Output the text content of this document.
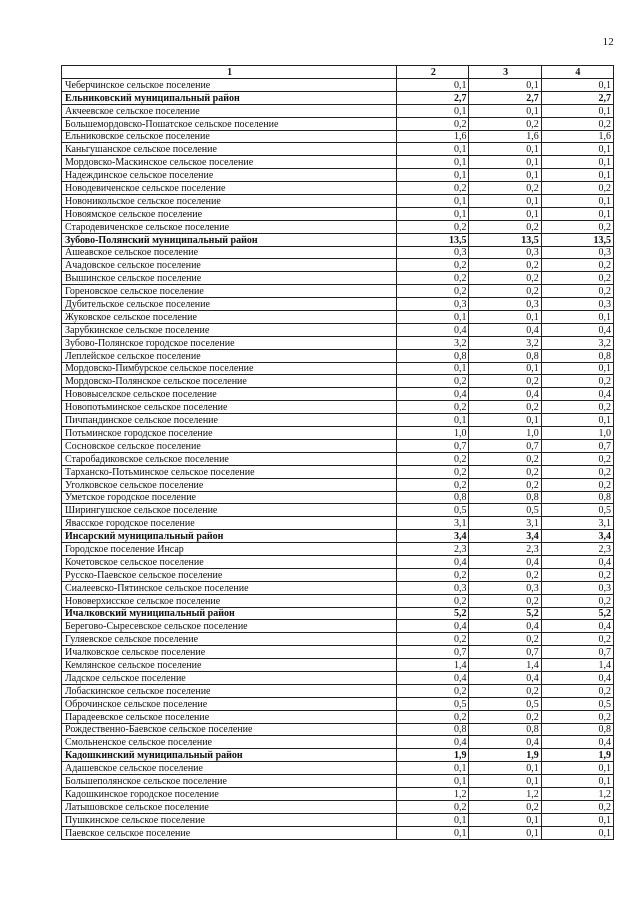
12
1	2	3	4
Чеберчинское сельское поселение	0,1	0,1	0,1
Ельниковский муниципальный район	2,7	2,7	2,7
Акчеевское сельское поселение	0,1	0,1	0,1
Большемордовско-Пошатское сельское поселение	0,2	0,2	0,2
Ельниковское сельское поселение	1,6	1,6	1,6
Каньгушанское сельское поселение	0,1	0,1	0,1
Мордовско-Маскинское сельское поселение	0,1	0,1	0,1
Надеждинское сельское поселение	0,1	0,1	0,1
Новодевиченское сельское поселение	0,2	0,2	0,2
Новоникольское сельское поселение	0,1	0,1	0,1
Новоямское сельское поселение	0,1	0,1	0,1
Стародевиченское сельское поселение	0,2	0,2	0,2
Зубово-Полянский муниципальный район	13,5	13,5	13,5
Ашеавское сельское поселение	0,3	0,3	0,3
Ачадовское сельское поселение	0,2	0,2	0,2
Вышинское сельское поселение	0,2	0,2	0,2
Гореновское сельское поселение	0,2	0,2	0,2
Дубительское сельское поселение	0,3	0,3	0,3
Жуковское сельское поселение	0,1	0,1	0,1
Зарубкинское сельское поселение	0,4	0,4	0,4
Зубово-Полянское городское поселение	3,2	3,2	3,2
Леплейское сельское поселение	0,8	0,8	0,8
Мордовско-Пимбурское сельское поселение	0,1	0,1	0,1
Мордовско-Полянское сельское поселение	0,2	0,2	0,2
Нововыселское сельское поселение	0,4	0,4	0,4
Новопотьминское сельское поселение	0,2	0,2	0,2
Пичпандинское сельское поселение	0,1	0,1	0,1
Потьминское городское поселение	1,0	1,0	1,0
Сосновское сельское поселение	0,7	0,7	0,7
Старобадиковское сельское поселение	0,2	0,2	0,2
Тарханско-Потьминское сельское поселение	0,2	0,2	0,2
Уголковское сельское поселение	0,2	0,2	0,2
Уметское городское поселение	0,8	0,8	0,8
Ширингушское сельское поселение	0,5	0,5	0,5
Явасское городское поселение	3,1	3,1	3,1
Инсарский муниципальный район	3,4	3,4	3,4
Городское поселение Инсар	2,3	2,3	2,3
Кочетовское сельское поселение	0,4	0,4	0,4
Русско-Паевское сельское поселение	0,2	0,2	0,2
Сиалеевско-Пятинское сельское поселение	0,3	0,3	0,3
Нововерхисское сельское поселение	0,2	0,2	0,2
Ичалковский муниципальный район	5,2	5,2	5,2
Берегово-Сыресевское сельское поселение	0,4	0,4	0,4
Гуляевское сельское поселение	0,2	0,2	0,2
Ичалковское сельское поселение	0,7	0,7	0,7
Кемлянское сельское поселение	1,4	1,4	1,4
Ладское сельское поселение	0,4	0,4	0,4
Лобаскинское сельское поселение	0,2	0,2	0,2
Оброчинское сельское поселение	0,5	0,5	0,5
Парадеевское сельское поселение	0,2	0,2	0,2
Рождественно-Баевское сельское поселение	0,8	0,8	0,8
Смольненское сельское поселение	0,4	0,4	0,4
Кадошкинский муниципальный район	1,9	1,9	1,9
Адашевское сельское поселение	0,1	0,1	0,1
Большеполянское сельское поселение	0,1	0,1	0,1
Кадошкинское городское поселение	1,2	1,2	1,2
Латышовское сельское поселение	0,2	0,2	0,2
Пушкинское сельское поселение	0,1	0,1	0,1
Паевское сельское поселение	0,1	0,1	0,1
